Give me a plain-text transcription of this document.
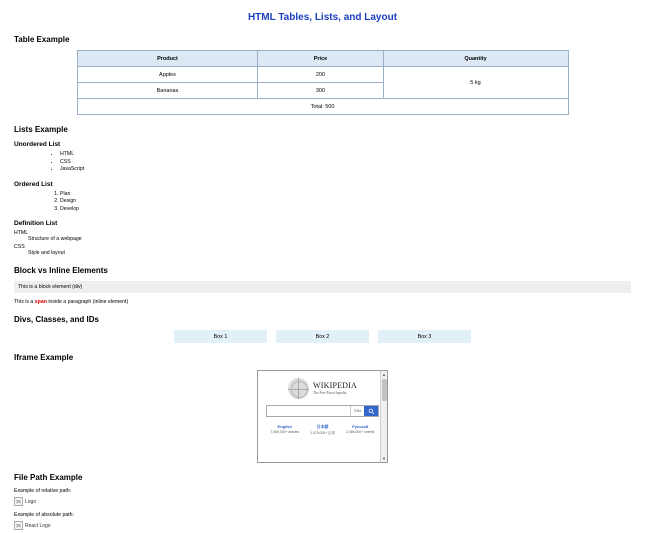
HTML Tables, Lists, and Layout
Table Example
Product	Price	Quantity
Apples	200	5 kg
Bananas	300	
Total: 500		
Lists Example
Unordered List
• HTML
• CSS
• JavaScript
Ordered List
1. Plan
2. Design
3. Develop
Definition List
HTML
Structure of a webpage
CSS
Style and layout
Block vs Inline Elements
This is a block element (div)

This is a span inside a paragraph (inline element)

Divs, Classes, and IDs
Box 1	Box 2	Box 3
Iframe Example
WIKIPEDIA
The Free Encyclopedia
EN ▾
English
7,065,000+ articles
日本語
1,475,000+ 記事
Русский
2,066,000+ статей
▲
▼
File Path Example
Example of relative path:
Logo
Example of absolute path:
React Logo
